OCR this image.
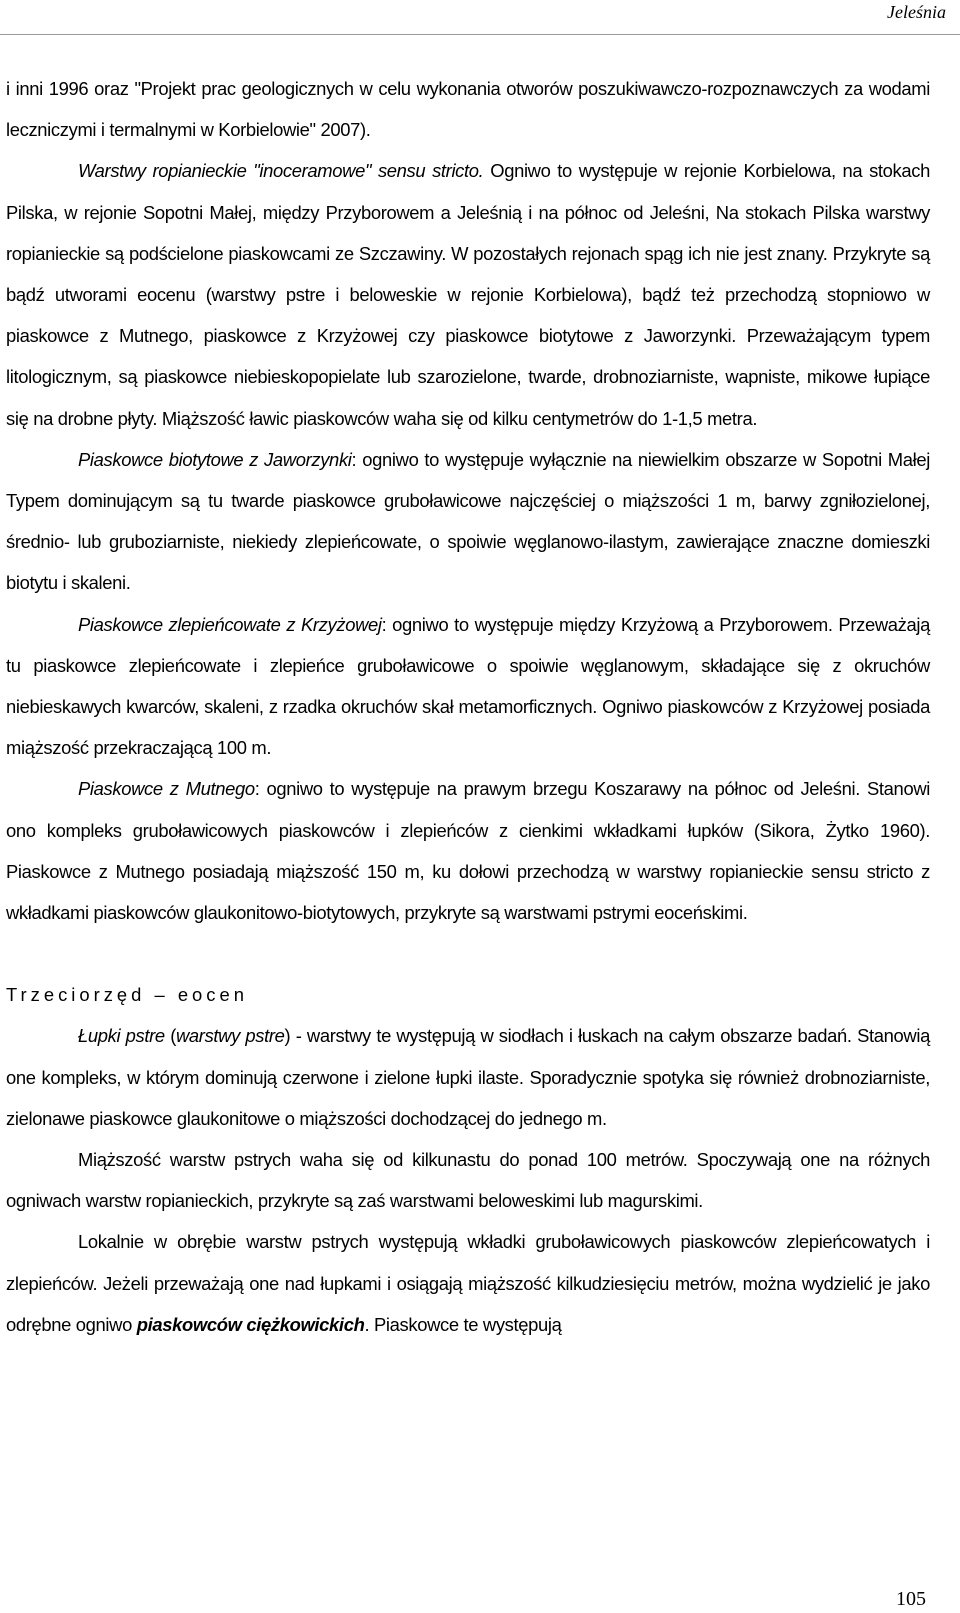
Jeleśnia

i inni 1996 oraz "Projekt prac geologicznych w celu wykonania otworów poszukiwawczo-rozpoznawczych za wodami leczniczymi i termalnymi w Korbielowie" 2007).

Warstwy ropianieckie "inoceramowe" sensu stricto. Ogniwo to występuje w rejonie Korbielowa, na stokach Pilska, w rejonie Sopotni Małej, między Przyborowem a Jeleśnią i na północ od Jeleśni, Na stokach Pilska warstwy ropianieckie są podścielone piaskowcami ze Szczawiny. W pozostałych rejonach spąg ich nie jest znany. Przykryte są bądź utworami eocenu (warstwy pstre i beloweskie w rejonie Korbielowa), bądź też przechodzą stopniowo w piaskowce z Mutnego, piaskowce z Krzyżowej czy piaskowce biotytowe z Jaworzynki. Przeważającym typem litologicznym, są piaskowce niebieskopopielate lub szarozielone, twarde, drobnoziarniste, wapniste, mikowe łupiące się na drobne płyty. Miąższość ławic piaskowców waha się od kilku centymetrów do 1-1,5 metra.

Piaskowce biotytowe z Jaworzynki: ogniwo to występuje wyłącznie na niewielkim obszarze w Sopotni Małej Typem dominującym są tu twarde piaskowce gruboławicowe najczęściej o miąższości 1 m, barwy zgniłozielonej, średnio- lub gruboziarniste, niekiedy zlepieńcowate, o spoiwie węglanowo-ilastym, zawierające znaczne domieszki biotytu i skaleni.

Piaskowce zlepieńcowate z Krzyżowej: ogniwo to występuje między Krzyżową a Przyborowem. Przeważają tu piaskowce zlepieńcowate i zlepieńce gruboławicowe o spoiwie węglanowym, składające się z okruchów niebieskawych kwarców, skaleni, z rzadka okruchów skał metamorficznych. Ogniwo piaskowców z Krzyżowej posiada miąższość przekraczającą 100 m.

Piaskowce z Mutnego: ogniwo to występuje na prawym brzegu Koszarawy na północ od Jeleśni. Stanowi ono kompleks gruboławicowych piaskowców i zlepieńców z cienkimi wkładkami łupków (Sikora, Żytko 1960). Piaskowce z Mutnego posiadają miąższość 150 m, ku dołowi przechodzą w warstwy ropianieckie sensu stricto z wkładkami piaskowców glaukonitowo-biotytowych, przykryte są warstwami pstrymi eoceńskimi.

Trzeciorzęd – eocen

Łupki pstre (warstwy pstre) - warstwy te występują w siodłach i łuskach na całym obszarze badań. Stanowią one kompleks, w którym dominują czerwone i zielone łupki ilaste. Sporadycznie spotyka się również drobnoziarniste, zielonawe piaskowce glaukonitowe o miąższości dochodzącej do jednego m.

Miąższość warstw pstrych waha się od kilkunastu do ponad 100 metrów. Spoczywają one na różnych ogniwach warstw ropianieckich, przykryte są zaś warstwami beloweskimi lub magurskimi.

Lokalnie w obrębie warstw pstrych występują wkładki gruboławicowych piaskowców zlepieńcowatych i zlepieńców. Jeżeli przeważają one nad łupkami i osiągają miąższość kilkudziesięciu metrów, można wydzielić je jako odrębne ogniwo piaskowców ciężkowickich. Piaskowce te występują

105
